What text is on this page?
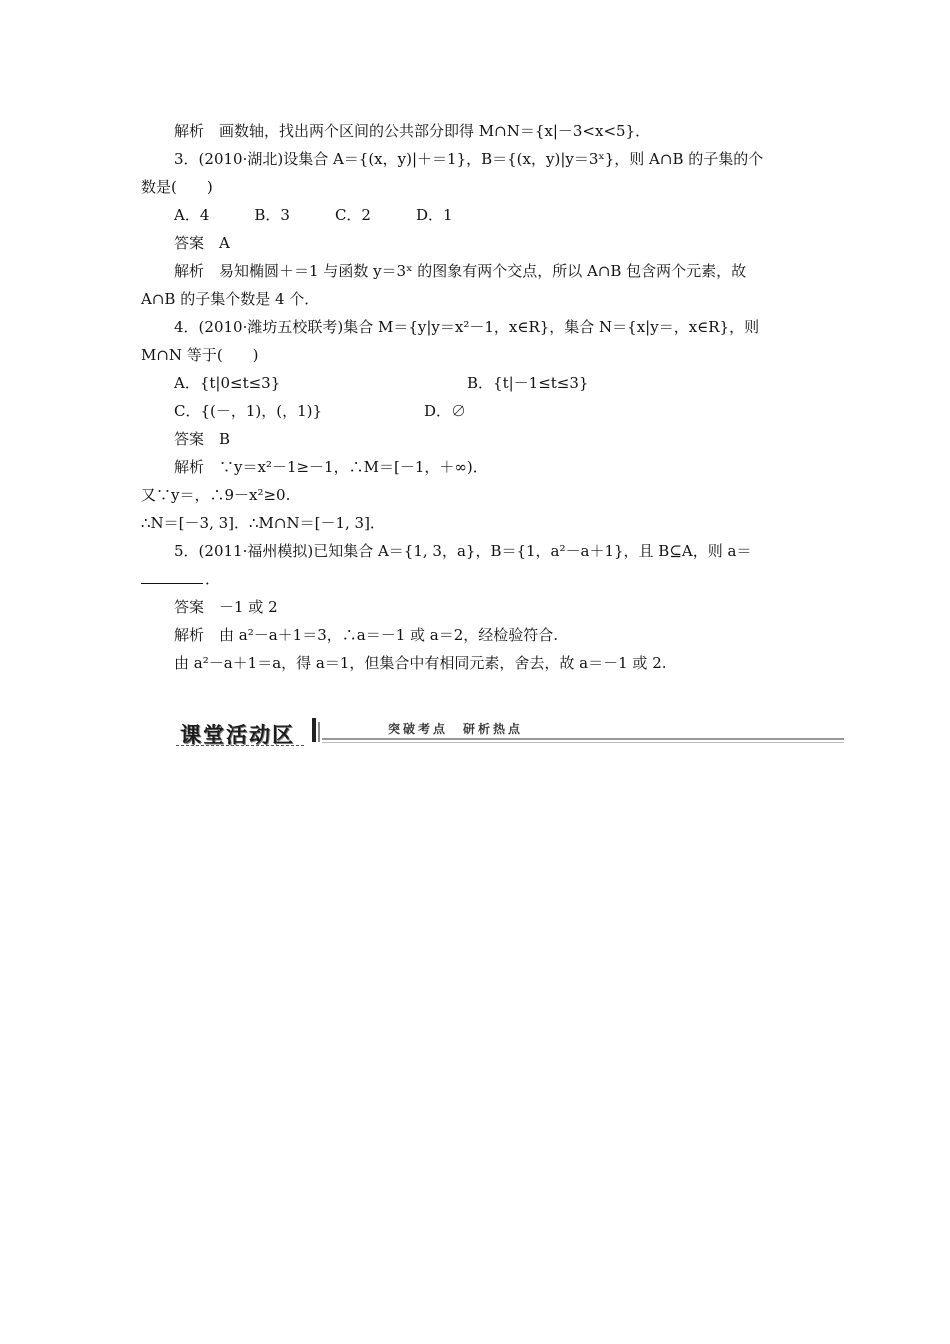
解析　画数轴，找出两个区间的公共部分即得 M∩N＝{x|－3<x<5}．
3．(2010·湖北)设集合 A＝{(x，y)|＋＝1}，B＝{(x，y)|y＝3ˣ}，则 A∩B 的子集的个
数是(　　)
A．4　　　B．3　　　C．2　　　D．1
答案　A
解析　易知椭圆＋＝1 与函数 y＝3ˣ 的图象有两个交点，所以 A∩B 包含两个元素，故
A∩B 的子集个数是 4 个．
4．(2010·潍坊五校联考)集合 M＝{y|y＝x²－1，x∈R}，集合 N＝{x|y＝，x∈R}，则
M∩N 等于(　　)
A．{t|0≤t≤3}	B．{t|－1≤t≤3}
C．{(－，1)，(，1)}	D．∅
答案　B
解析　∵y＝x²－1≥－1，∴M＝[－1，＋∞)．
又∵y＝，∴9－x²≥0.
∴N＝[－3, 3]．∴M∩N＝[－1, 3]．
5．(2011·福州模拟)已知集合 A＝{1, 3，a}，B＝{1，a²－a＋1}，且 B⊆A，则 a＝
．
答案　－1 或 2
解析　由 a²－a＋1＝3，∴a＝－1 或 a＝2，经检验符合.
由 a²－a＋1＝a，得 a＝1，但集合中有相同元素，舍去，故 a＝－1 或 2.
课堂活动区	突破考点　研析热点
